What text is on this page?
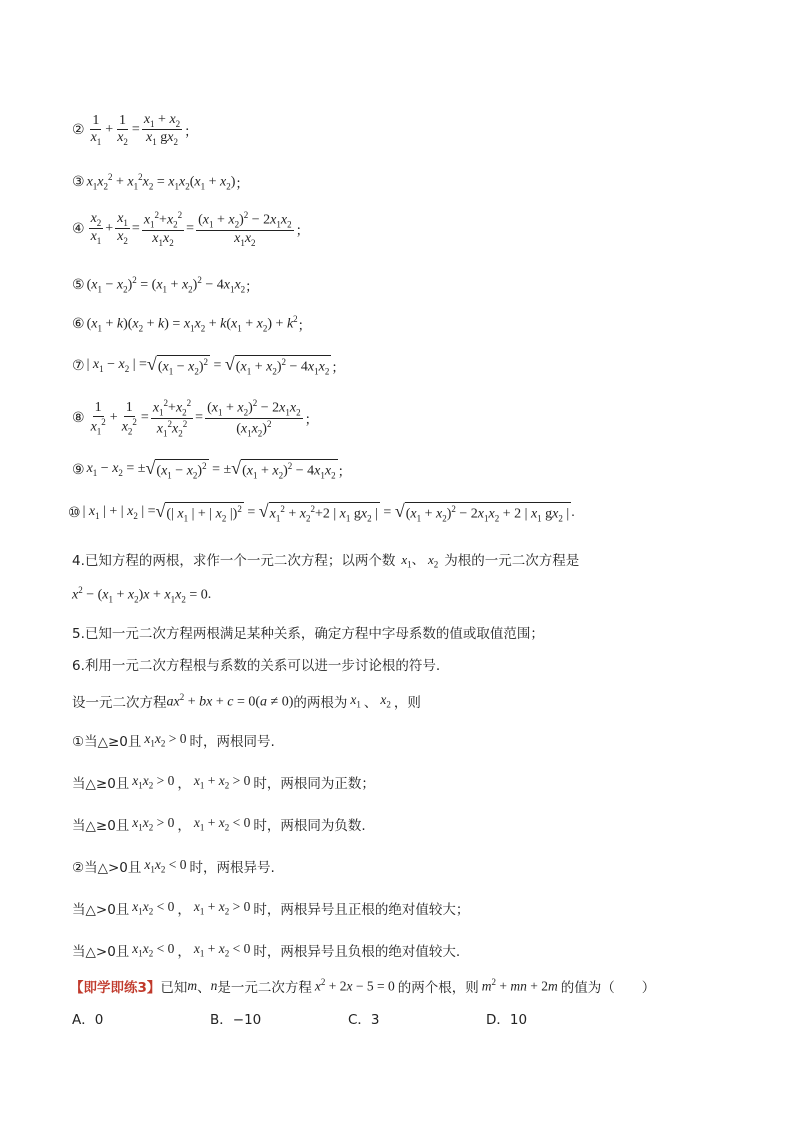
② $\frac{1}{x_1} + \frac{1}{x_2} = \frac{x_1 + x_2}{x_1 gx_2}$ ；
③ $x_1x_2^2 + x_1^2x_2 = x_1x_2(x_1 + x_2)$ ；
④ $\frac{x_2}{x_1} + \frac{x_1}{x_2} = \frac{x_1^2+x_2^2}{x_1x_2} = \frac{(x_1 + x_2)^2 - 2x_1x_2}{x_1x_2}$ ；
⑤ $(x_1 - x_2)^2 = (x_1 + x_2)^2 - 4x_1x_2$ ；
⑥ $(x_1 + k)(x_2 + k) = x_1x_2 + k(x_1 + x_2) + k^2$ ；
⑦ | $x_1 - x_2$ | = √ $(x_1 - x_2)^2$ = √ $(x_1 + x_2)^2 - 4x_1x_2$ ；
⑧ $\frac{1}{x_1^2} + \frac{1}{x_2^2} = \frac{x_1^2+x_2^2}{x_1^2x_2^2} = \frac{(x_1 + x_2)^2 - 2x_1x_2}{(x_1x_2)^2}$ ；
⑨ $x_1 - x_2$ = ± √ $(x_1 - x_2)^2$ = ± √ $(x_1 + x_2)^2 - 4x_1x_2$ ；
⑩ | $x_1$ | + | $x_2$ | = √ (| $x_1$ | + | $x_2$ |)$^2$ = √ $x_1^2 + x_2^2+2$ | $x_1$ $gx_2$ | = √ $(x_1 + x_2)^2 - 2x_1x_2 + 2$ | $x_1$ $gx_2$ | .
4.已知方程的两根，求作一个一元二次方程；以两个数 $x_1$、 $x_2$ 为根的一元二次方程是
$x^2 - (x_1 + x_2)x + x_1x_2 = 0$ .
5.已知一元二次方程两根满足某种关系，确定方程中字母系数的值或取值范围；
6.利用一元二次方程根与系数的关系可以进一步讨论根的符号.
设一元二次方程 $ax^2$ + bx + c = 0(a ≠ 0) 的两根为 $x_1$ 、 $x_2$ ，则
①当△≥0且 $x_1x_2 > 0$ 时，两根同号.
当△≥0且 $x_1x_2 > 0$ ， $x_1 + x_2 > 0$ 时，两根同为正数；
当△≥0且 $x_1x_2 > 0$ ， $x_1 + x_2 < 0$ 时，两根同为负数.
②当△>0且 $x_1x_2 < 0$ 时，两根异号.
当△>0且 $x_1x_2 < 0$ ， $x_1 + x_2 > 0$ 时，两根异号且正根的绝对值较大；
当△>0且 $x_1x_2 < 0$ ， $x_1 + x_2 < 0$ 时，两根异号且负根的绝对值较大.
【即学即练3】 已知 m 、 n 是一元二次方程 $x^2 + 2x - 5 = 0$ 的两个根，则 $m^2$ + mn + 2m 的值为（　　）
A．0	B．−10	C．3	D．10
